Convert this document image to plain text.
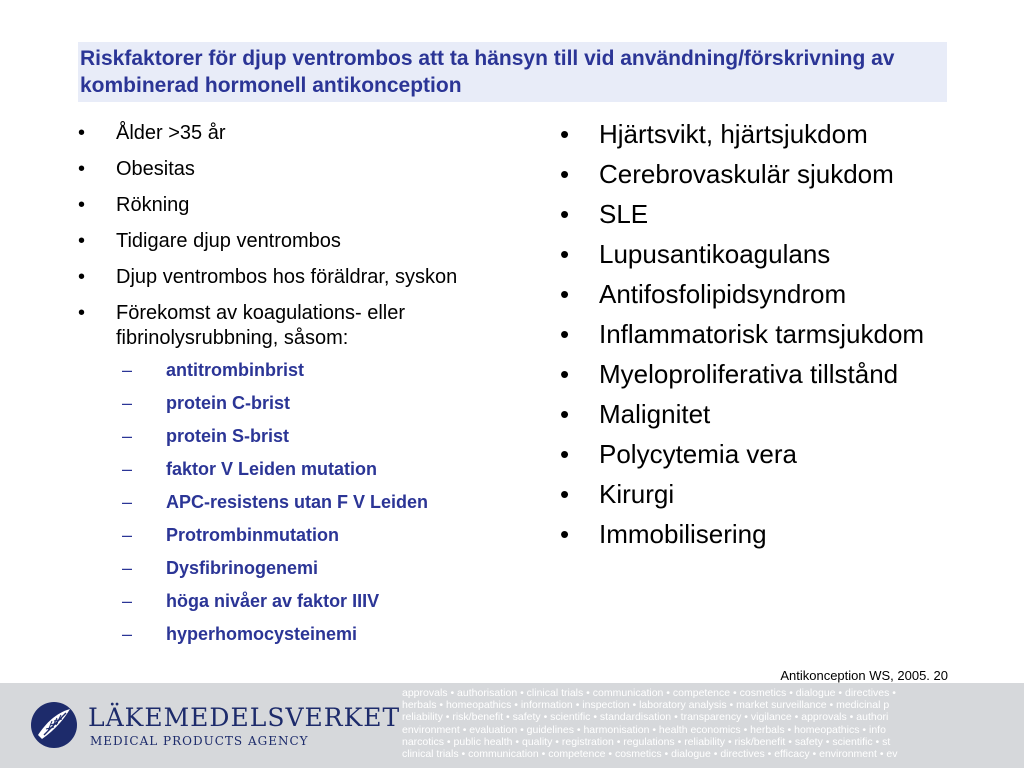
Riskfaktorer för djup ventrombos att ta hänsyn till vid användning/förskrivning av kombinerad hormonell antikonception
• Ålder >35 år
• Obesitas
• Rökning
• Tidigare djup ventrombos
• Djup ventrombos hos föräldrar, syskon
• Förekomst av koagulations- eller fibrinolysrubbning, såsom:
– antitrombinbrist
– protein C-brist
– protein S-brist
– faktor V Leiden mutation
– APC-resistens utan F V Leiden
– Protrombinmutation
– Dysfibrinogenemi
– höga nivåer av faktor IIIV
– hyperhomocysteinemi
• Hjärtsvikt, hjärtsjukdom
• Cerebrovaskulär sjukdom
• SLE
• Lupusantikoagulans
• Antifosfolipidsyndrom
• Inflammatorisk tarmsjukdom
• Myeloproliferativa tillstånd
• Malignitet
• Polycytemia vera
• Kirurgi
• Immobilisering
Antikonception WS, 2005. 20
LÄKEMEDELSVERKET
MEDICAL PRODUCTS AGENCY
approvals • authorisation • clinical trials • communication • competence • cosmetics • dialogue • directives •
herbals • homeopathics • information • inspection • laboratory analysis • market surveillance • medicinal p
reliability • risk/benefit • safety • scientific • standardisation • transparency • vigilance • approvals • authori
environment • evaluation • guidelines • harmonisation • health economics • herbals • homeopathics • info
narcotics • public health • quality • registration • regulations • reliability • risk/benefit • safety • scientific • st
clinical trials • communication • competence • cosmetics • dialogue • directives • efficacy • environment • ev
